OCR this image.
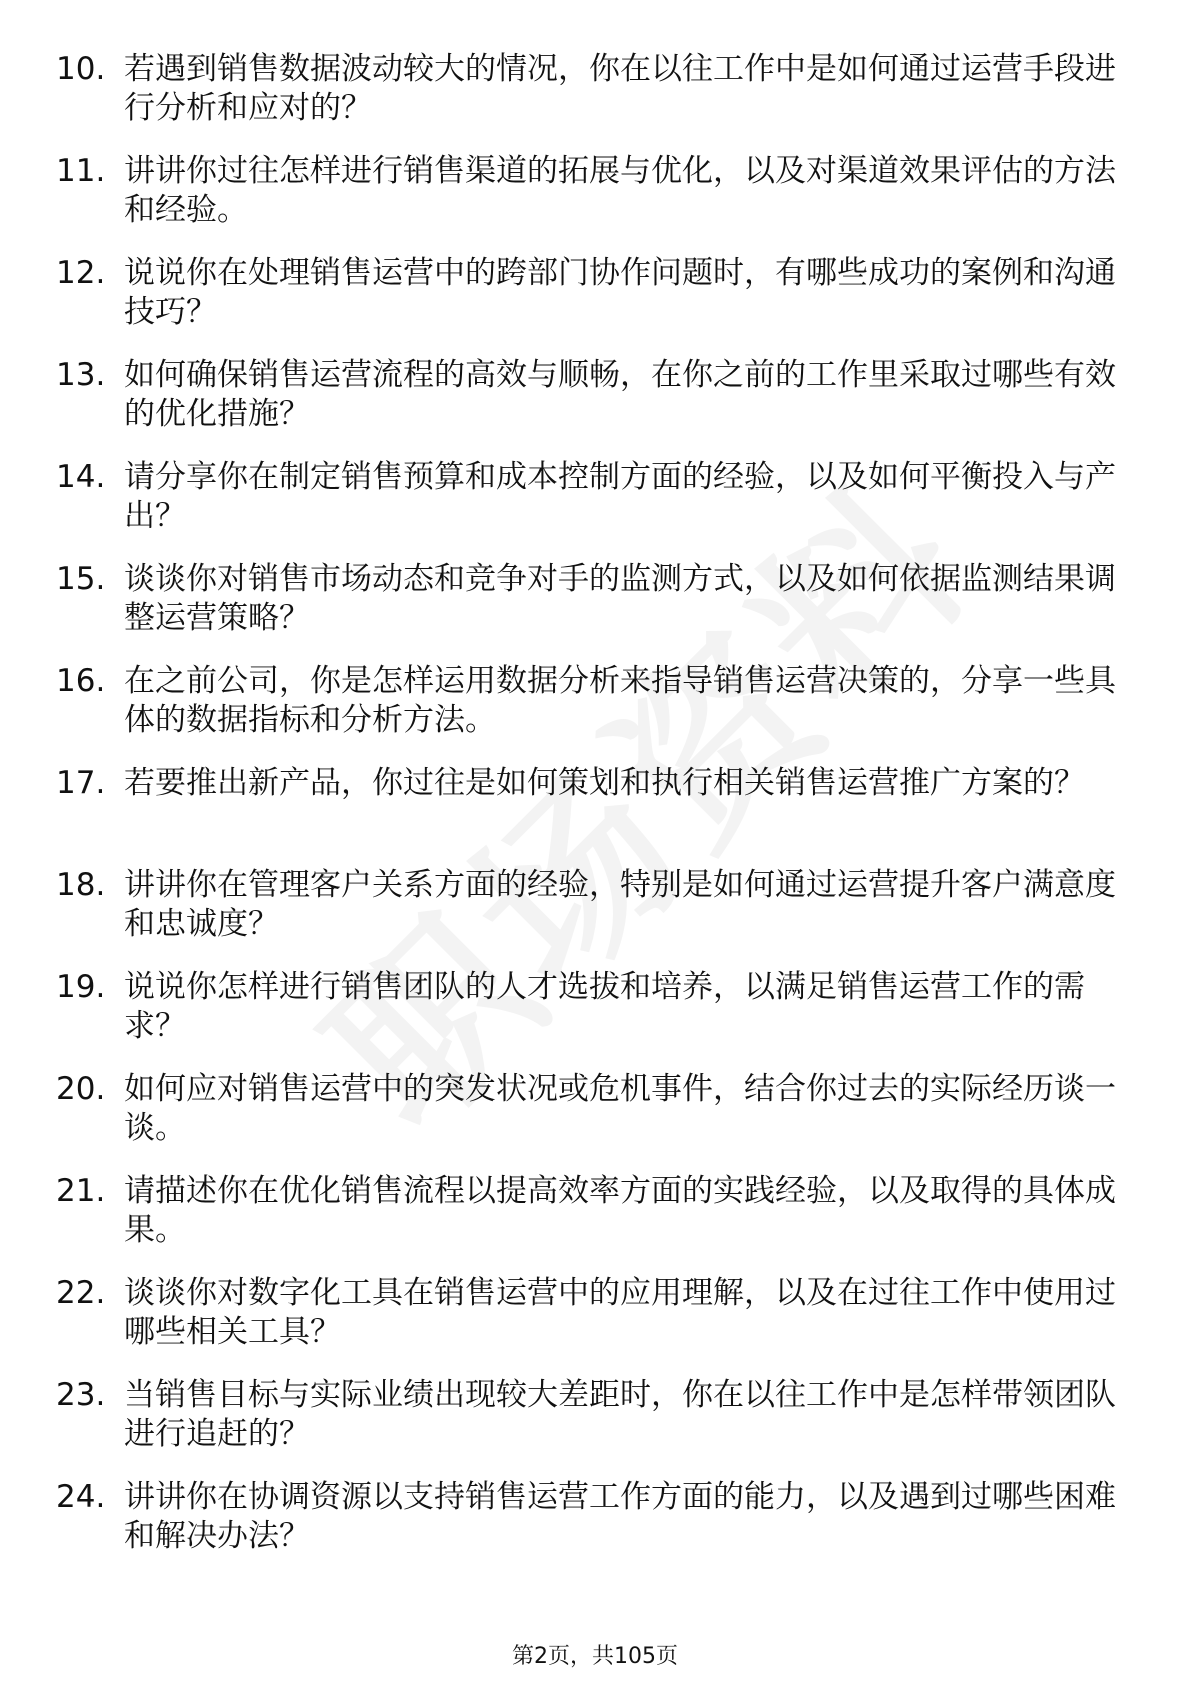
10. 若遇到销售数据波动较大的情况，你在以往工作中是如何通过运营手段进行分析和应对的？
11. 讲讲你过往怎样进行销售渠道的拓展与优化，以及对渠道效果评估的方法和经验。
12. 说说你在处理销售运营中的跨部门协作问题时，有哪些成功的案例和沟通技巧？
13. 如何确保销售运营流程的高效与顺畅，在你之前的工作里采取过哪些有效的优化措施？
14. 请分享你在制定销售预算和成本控制方面的经验，以及如何平衡投入与产出？
15. 谈谈你对销售市场动态和竞争对手的监测方式，以及如何依据监测结果调整运营策略？
16. 在之前公司，你是怎样运用数据分析来指导销售运营决策的，分享一些具体的数据指标和分析方法。
17. 若要推出新产品，你过往是如何策划和执行相关销售运营推广方案的？
18. 讲讲你在管理客户关系方面的经验，特别是如何通过运营提升客户满意度和忠诚度？
19. 说说你怎样进行销售团队的人才选拔和培养，以满足销售运营工作的需求？
20. 如何应对销售运营中的突发状况或危机事件，结合你过去的实际经历谈一谈。
21. 请描述你在优化销售流程以提高效率方面的实践经验，以及取得的具体成果。
22. 谈谈你对数字化工具在销售运营中的应用理解，以及在过往工作中使用过哪些相关工具？
23. 当销售目标与实际业绩出现较大差距时，你在以往工作中是怎样带领团队进行追赶的？
24. 讲讲你在协调资源以支持销售运营工作方面的能力，以及遇到过哪些困难和解决办法？
第2页，共105页
